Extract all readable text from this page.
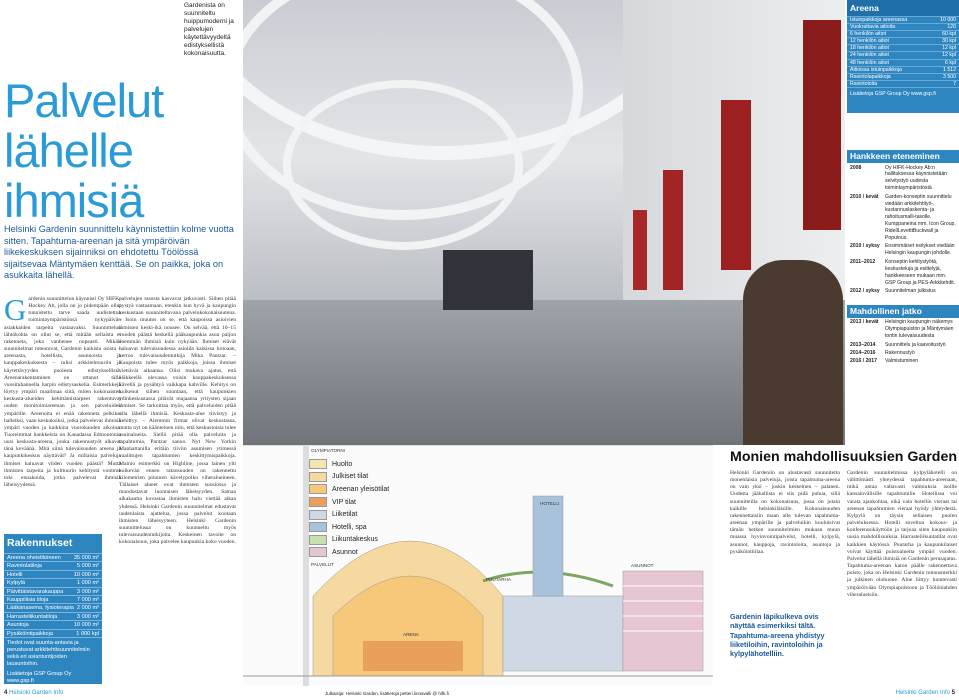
Palvelut
lähelle
ihmisiä
Gardenista on suunniteltu huippumoderni ja palvelujen käytettävyydeltä edistyksellistä kokonaisuutta.
Helsinki Gardenin suunnittelu käynnistettiin kolme vuotta sitten. Tapahtuma-areenan ja sitä ympäröivän liikekeskuksen sijainniksi on ehdotettu Töölössä sijaitsevaa Mäntymäen kenttää. Se on paikka, joka on asukkaita lähellä.
G ardenin suunnittelun käynnisti Oy HIFK-Hockey Ab, jolla on jo pidempään ollut tunnistettu tarve saada uudistettua toimintaympäristönsä nykypäivän asiakkaiden tarpeita vastaavaksi. Suunnittelun lähtökohta on ollut se, että mitään sellaista ei rakenneta, joka vanhenee nopeasti. Mikäli suunnitelmat toteutuvat, Gardenin kaikista osista – areenasta, hotellista, asunnoista ja kauppakeskuksesta – tulisi arkkitehtuuriin ja käytettävyyden puolesta edistyksellistä. Areenarakentaminen on ottanut tällä vuosituhannella harpin edistysaskelia. Esimerkkejä löytyy ympäri maailmaa siitä, miten kokonaisten keskusta-alueiden kehittämistarpeet rakentuvat uuden monitoimiareenan ja sen palveluiden ympärille. Areenoita ei enää rakenneta pelkiksi halleiksi, vaan keskuksiksi, jotka palvelevat ihmisiä ympäri vuoden ja kaikkina vuorokauden aikoina. Tuoreimmat hankkeista on Kanadassa Edmontonin uusi keskusta-areena, jonka rakennustyöt alkavat tänä keväänä. Mitä siinä tulevaisuuden areena ja kaupunkikeskus näyttävät? Ja millaisia palveluja ihmiset haluavat viiden vuoden päästä? Mutta ihmisten tarpeita ja kulttuurin kehitystä voimme toki ennakoida, jotka palvelevat ihmisiä läheisyydessä.
palvelujen tasosta kasvavat jatkuvasti. Siihen pitää pystyä vastaamaan, etenkin kun hyvä ja kaupungin keskustaan suunniteltavana palvelukokonaisuutena. – Isoin muutos on se, että kaupoissa asioivien ihmisten keski-ikä nousee. On selvää, että 10–15 vuoden päästä keskellä pääkaupunkia asuu paljon enemmän ihmisiä kuin nykyään. Ihmiset elävät haluavat tulevaisuudessa asioida kaikissa kotoaan, kertoo tulevaisuudentutkija Mika Pantzar. – Kaupoista tulee myös paikkoja, joissa ihmiset viettävät aikaansa. Olisi mukava ajatus, että eläkkeellä olevassa voisin kauppakeskuksessa kävellä ja pysähtyä vaikkapa kahville. Kehitys on kulkenut siihen suuntaan, että kaupunkien ydinkeskustassa pitävät majaansa yritysten sijaan ihmiset. Se tarkoittaa myös, että palveluiden pitää olla lähellä ihmisiä. Keskusta-alue tiivistyy ja kehittyy. – Aiemmin firmat olivat keskustassa, mutta nyt on käänteinen niin, että keskustoista tulee asuinalueita. Siellä pitää olla palveluita ja tapahtumia, Pantzar sanoo. Nyt New Yorkin Manhattanilla eritäin tiiviin asumisen ytimessä vaalittujen tapahtumien keskittymispaikkoja. Mainio esimerkki on Highline, jossa lainen ylti kulkevän ennen rataosuuden on rakennettu kilometrien pituinen kävelypolku viheralueineen. Tällaiset alueet ovat ihmisten suosiossa ja muodostavat luontaisen läheisyyden. Samaa aikakautta kuvastaa ihmisten halu viettää aikaa yhdessä. Helsinki Gardenin suunnitelmat edustavat uudenlaista ajattelua, jossa palvelut kootaan ihmisten läheisyyteen. Helsinki Gardenin suunnittelussa on kuunneltu myös tulevaisuudentutkijoita. Keskeinen tavoite on kokonaisuus, joka palvelee kaupunkia koko vuoden.
Rakennukset
Areena oheistiloineen 35 000 m²
Ravintolatiloja	5 000 m²
Hotelli	10 000 m²
Kylpylä	1 000 m²
Päivittäistavarakauppa 3 000 m²
Kauppiliisia tiloja	7 000 m²
Lääkäriasema, fysioterapia 2 000 m²
Harrasteliikuntatiloja	3 000 m²
Asuntoja	10 000 m²
Pysäköintipaikkoja	1 000 kpl
Tiedot ovat suunta-antavia ja perustuvat arkkitehtisuunnitelmiin sekä eri asiantuntijoiden lausuntoihin.
Lisätietoja GSP Group Oy www.gsp.fi
Huolto
Julkiset tilat
Areenan yleisötilat
VIP tilat
Liiketilat
Hotelli, spa
Liikuntakeskus
Asunnot
OLYMPIATORNI
PALVELUT
HOTELLI
PUUTARHA
ASUNNOT
ARENA
Areena
Istuinpaikkoja areenassa	10 000
Vuokrattavia aitioita	120
6 henkilön aitiot	60 kpl
12 henkilön aitiot	30 kpl
18 henkilön aitiot	12 kpl
24 henkilön aitiot	12 kpl
48 henkilön aitiot	6 kpl
Aitioissa istuinpaikkoja	1 512
Ravintolapaikkoja	3 500
Ravintoloita	7
Lisätietoja GSP Group Oy www.gsp.fi
Hankkeen eteneminen
2008	Oy HIFK-Hockey Ab:n hallituksessa käynnistetään selvitystyö uudesta toimintaympäristöstä
2010 / kevät	Garden-konseptin suunnittelu viedään arkkitehtityö-, kustannuslaskenta- ja rahoitusmalli-tasolle. Kumppaneina mm. Icon Group, RidellLevetttBuckwall ja Populous.
2010 / syksy	Ensimmäiset esitykset viedään Helsingin kaupungin johdolle.
2011–2012	Konseptin kehitystyötä, keskusteluja ja esittelyjä, hankkeeseen mukaan mm. GSP Group ja PES-Arkkitehdit.
2012 / syksy	Suunnitelman julkistus
Mahdollinen jatko
2013 / kevät	Helsingin kaupungin näkemys Olympiapuiston ja Mäntymäen tontin tulevaisuudesta
2013–2014	Suunnittelu ja kaavoitustyö
2014–2016	Rakennustyö
2016 / 2017	Valmistuminen
Monien mahdollisuuksien Garden
Helsinki Gardeniin on alustavasti suunniteltu monenlaisia palveluja, joista tapahtuma-areena on vain yksi – joskin keskeinen – palanen. Uudesta jäähallista ei siis pidä puhua, sillä suunnitteilla on kokonaisuus, jossa on jotain kaikille helsinkiläisille. Kokonaisuuden rakennettaisiin maan alle tulevan tapahtuma-areenan ympärille ja palveluihin kuuluisivat tämän hetken suunnitelmien mukaan muun muassa hyvinvointipalvelut, hotelli, kylpylä, asunnot, kauppoja, ravintoloita, asuntoja ja pysäköintitilaa.
Gardenin suunnitelmissa kylpylähotelli on välittömästi yhteydessä tapahtuma-areenaan, mikä antaa valtavasti valmiuksia isoille kansainvälisille tapahtumille. Hotellissa voi varata ajankohtaa, eikä vain hotellin vieraat tai areenan tapahtumien vieraat hyödy yhteydestä. Kylpylä on täysin sellaisen puolen palveluksessa. Hotelli soveltuu kokous- ja konferenssikäyttöön ja tarjoaa siten kaupunkiin uusia mahdollisuuksia. Harrasteliikuntatilat ovat kaikkien käytössä. Puutarha ja kaupunkilaiset voivat käyttää puistoaluetta ympäri vuoden. Palvelut lähellä ihmisiä on Gardenin perusajatus. Tapahtuma-areenan katon päälle rakennettava puisto, joka on Helsinki Gardenin tunnusmerkki ja julkinen olohuone. Alue liittyy luontevasti ympäröivään Olympiapuistoon ja Töölönlahden viheralueisiin.
Gardenin läpikulkeva ovis näyttää esimerkiksi tältä. Tapahtuma-areena yhdistyy liiketiloihin, ravintoloihin ja kylpylähotelliin.
4 Helsinki Garden Info	Julkaisija: Helsinki Garden, lisätietoja petteri.linnavalli @ hifk.fi	Helsinki Garden Info 5
